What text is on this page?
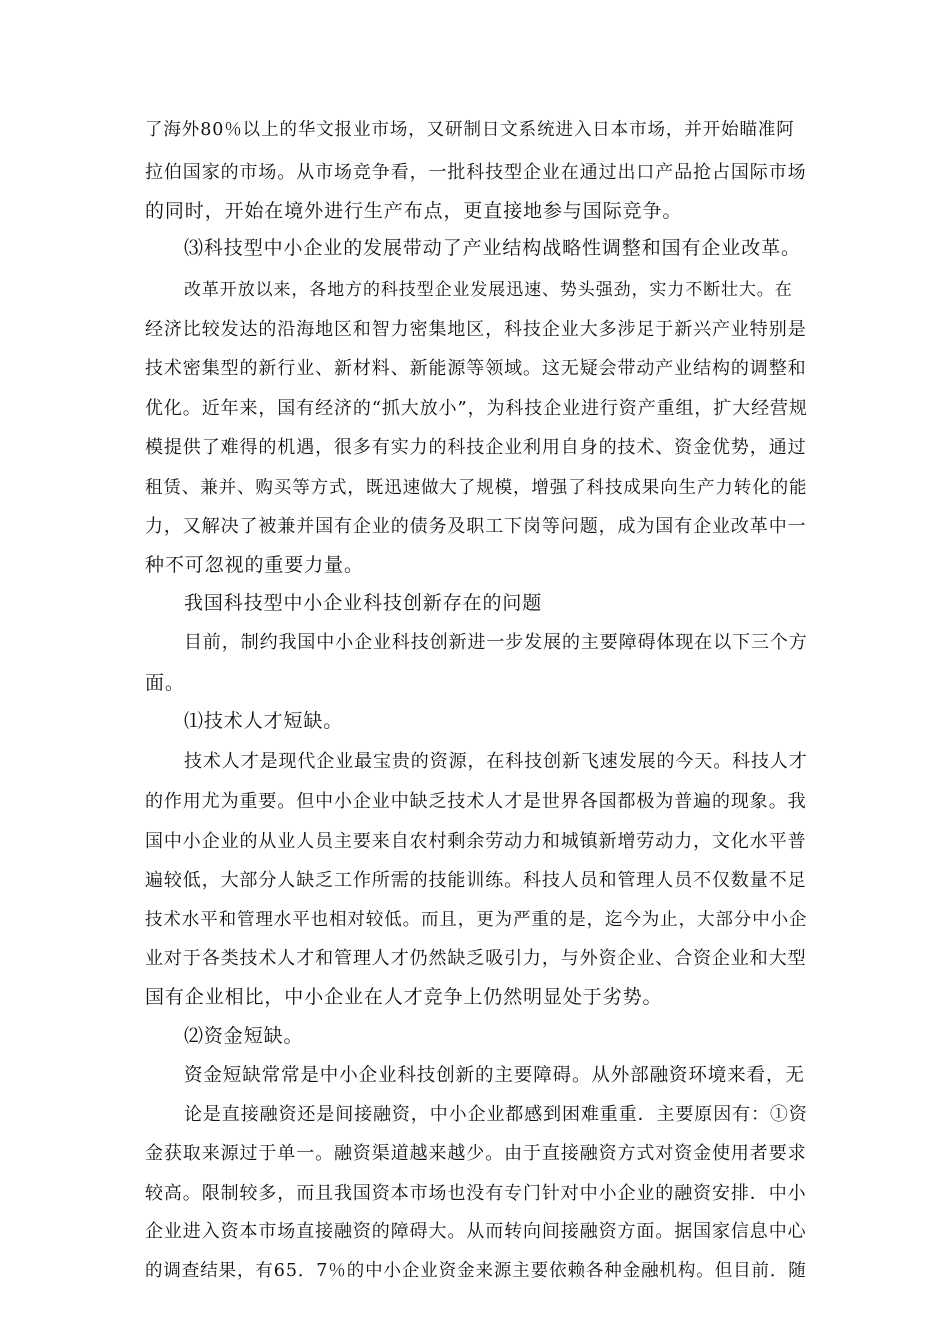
了海外80％以上的华文报业市场，又研制日文系统进入日本市场，并开始瞄准阿
拉伯国家的市场。从市场竞争看，一批科技型企业在通过出口产品抢占国际市场
的同时，开始在境外进行生产布点，更直接地参与国际竞争。
⑶科技型中小企业的发展带动了产业结构战略性调整和国有企业改革。
改革开放以来，各地方的科技型企业发展迅速、势头强劲，实力不断壮大。在
经济比较发达的沿海地区和智力密集地区，科技企业大多涉足于新兴产业特别是
技术密集型的新行业、新材料、新能源等领域。这无疑会带动产业结构的调整和
优化。近年来，国有经济的“抓大放小”，为科技企业进行资产重组，扩大经营规
模提供了难得的机遇，很多有实力的科技企业利用自身的技术、资金优势，通过
租赁、兼并、购买等方式，既迅速做大了规模，增强了科技成果向生产力转化的能
力，又解决了被兼并国有企业的债务及职工下岗等问题，成为国有企业改革中一
种不可忽视的重要力量。
我国科技型中小企业科技创新存在的问题
目前，制约我国中小企业科技创新进一步发展的主要障碍体现在以下三个方
面。
⑴技术人才短缺。
技术人才是现代企业最宝贵的资源，在科技创新飞速发展的今天。科技人才
的作用尤为重要。但中小企业中缺乏技术人才是世界各国都极为普遍的现象。我
国中小企业的从业人员主要来自农村剩余劳动力和城镇新增劳动力，文化水平普
遍较低，大部分人缺乏工作所需的技能训练。科技人员和管理人员不仅数量不足
技术水平和管理水平也相对较低。而且，更为严重的是，迄今为止，大部分中小企
业对于各类技术人才和管理人才仍然缺乏吸引力，与外资企业、合资企业和大型
国有企业相比，中小企业在人才竞争上仍然明显处于劣势。
⑵资金短缺。
资金短缺常常是中小企业科技创新的主要障碍。从外部融资环境来看，无
论是直接融资还是间接融资，中小企业都感到困难重重．主要原因有：①资
金获取来源过于单一。融资渠道越来越少。由于直接融资方式对资金使用者要求
较高。限制较多，而且我国资本市场也没有专门针对中小企业的融资安排．中小
企业进入资本市场直接融资的障碍大。从而转向间接融资方面。据国家信息中心
的调查结果，有65．7％的中小企业资金来源主要依赖各种金融机构。但目前．随
